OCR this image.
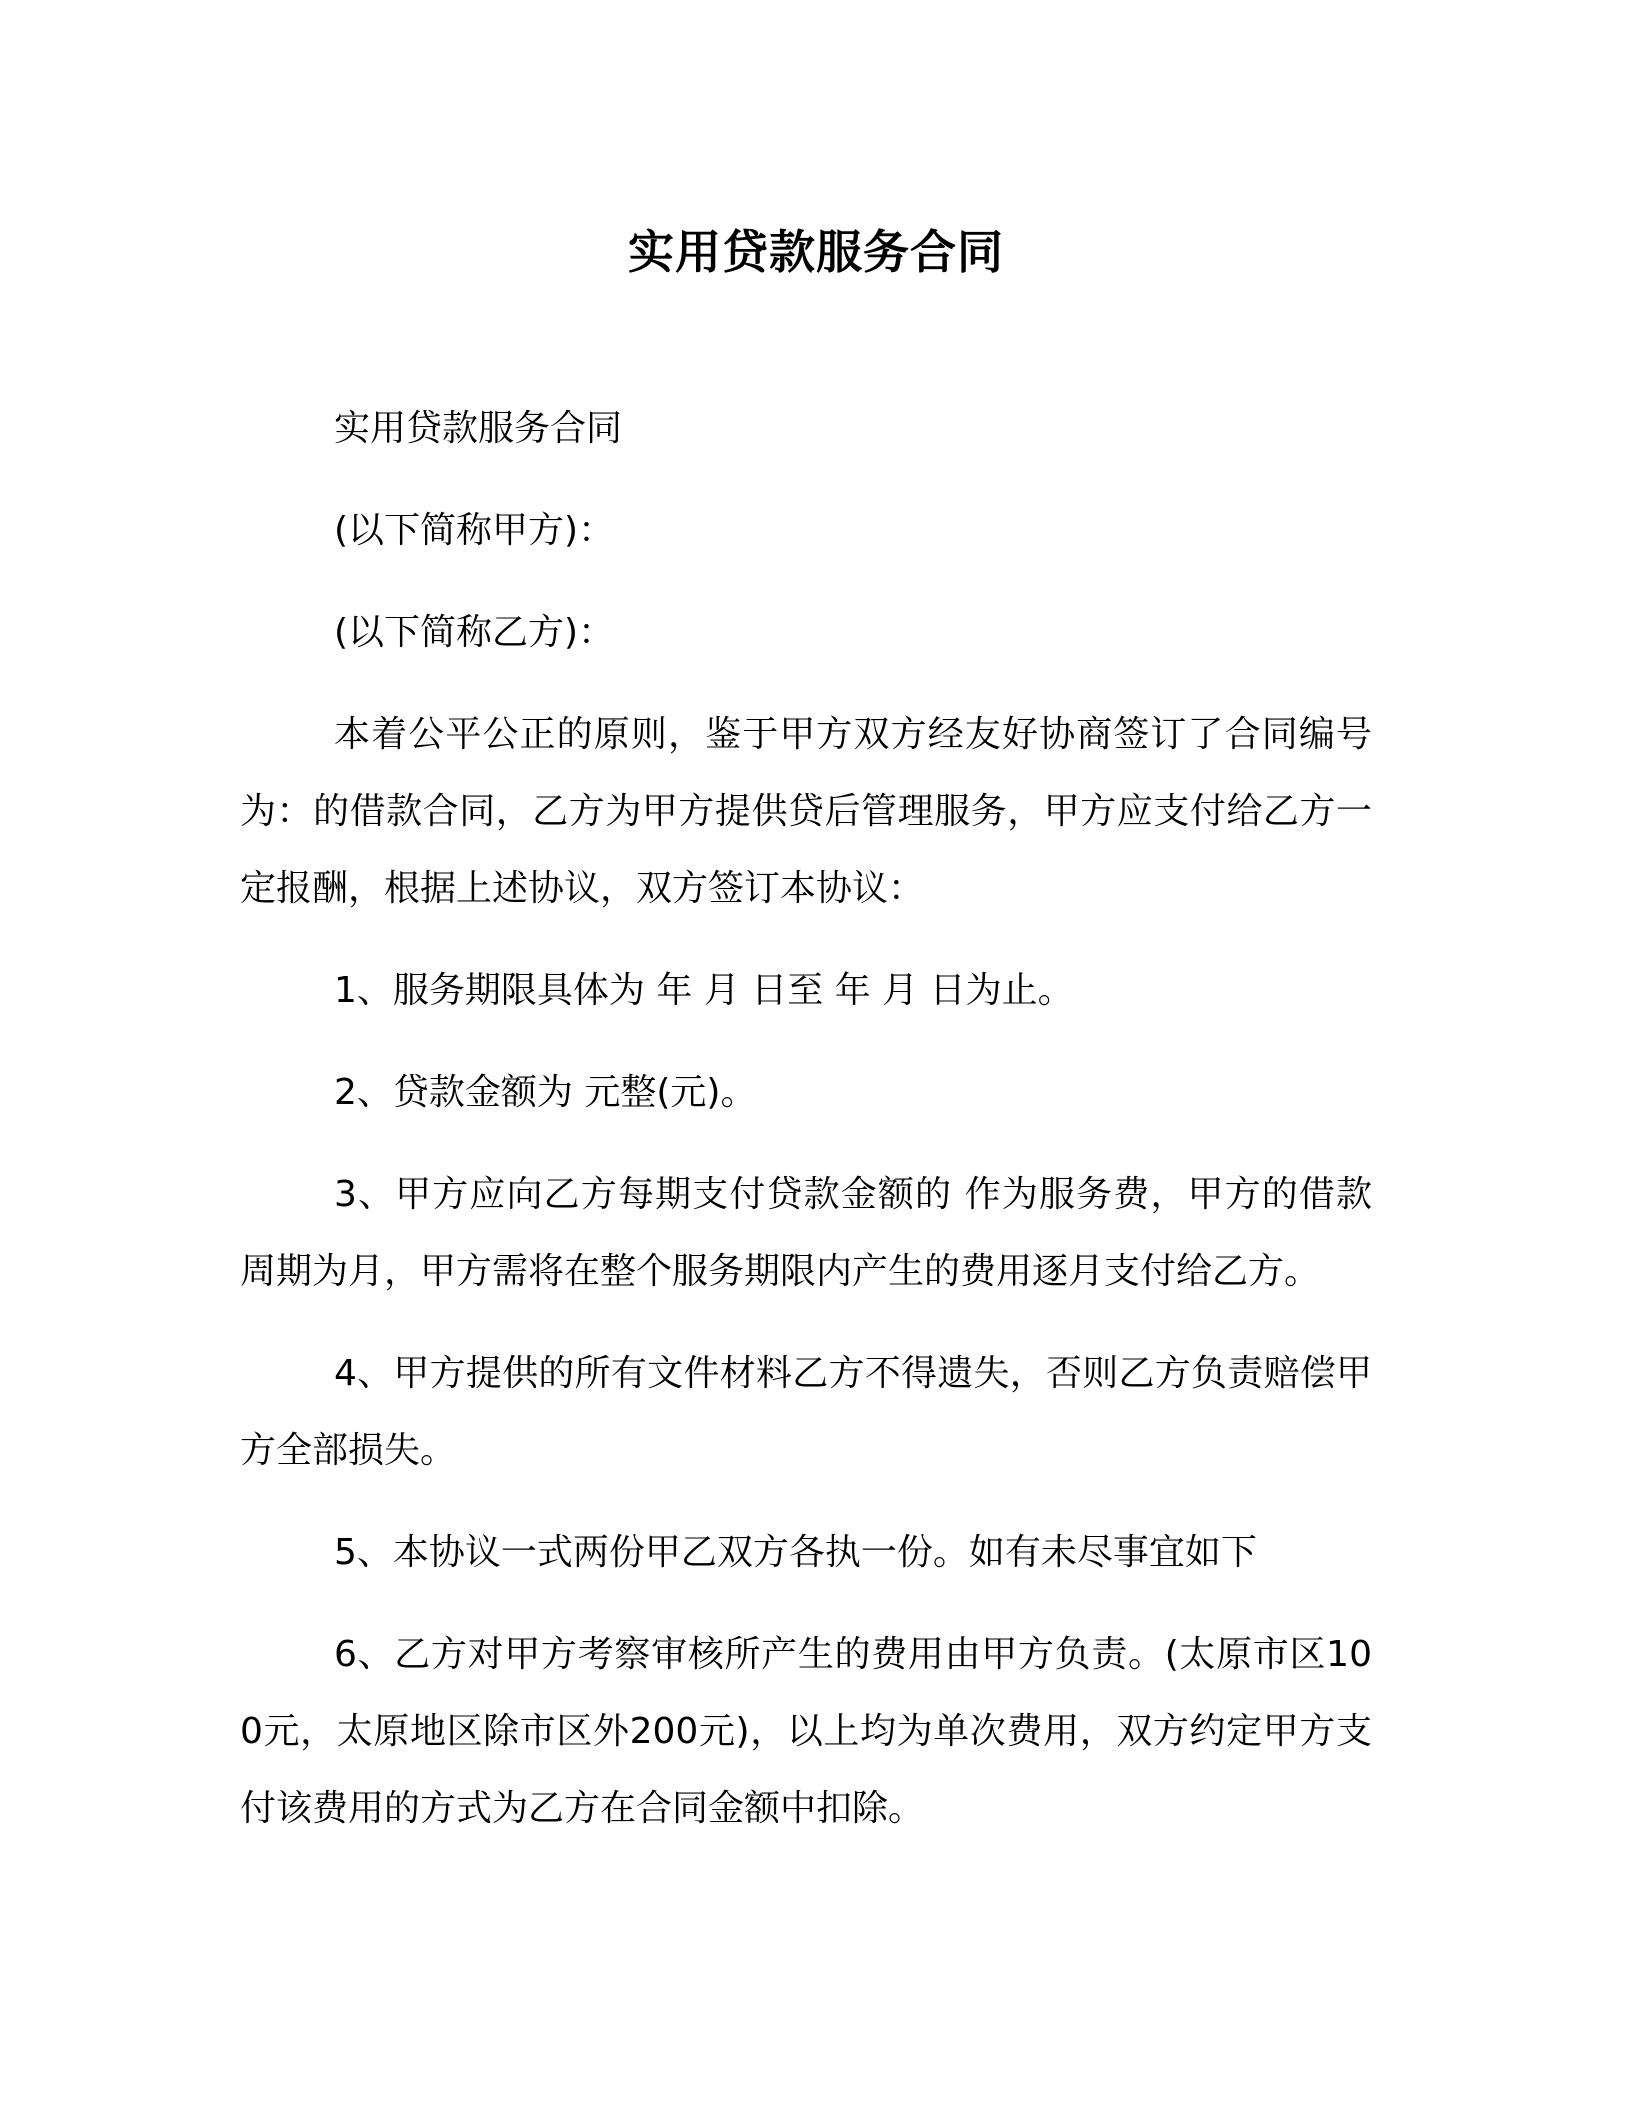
实用贷款服务合同

实用贷款服务合同

(以下简称甲方)：

(以下简称乙方)：

本着公平公正的原则，鉴于甲方双方经友好协商签订了合同编号为：的借款合同，乙方为甲方提供贷后管理服务，甲方应支付给乙方一定报酬，根据上述协议，双方签订本协议：

1、服务期限具体为 年 月 日至 年 月 日为止。

2、贷款金额为 元整(元)。

3、甲方应向乙方每期支付贷款金额的 作为服务费，甲方的借款周期为月，甲方需将在整个服务期限内产生的费用逐月支付给乙方。

4、甲方提供的所有文件材料乙方不得遗失，否则乙方负责赔偿甲方全部损失。

5、本协议一式两份甲乙双方各执一份。如有未尽事宜如下

6、乙方对甲方考察审核所产生的费用由甲方负责。(太原市区100元，太原地区除市区外200元)，以上均为单次费用，双方约定甲方支付该费用的方式为乙方在合同金额中扣除。
